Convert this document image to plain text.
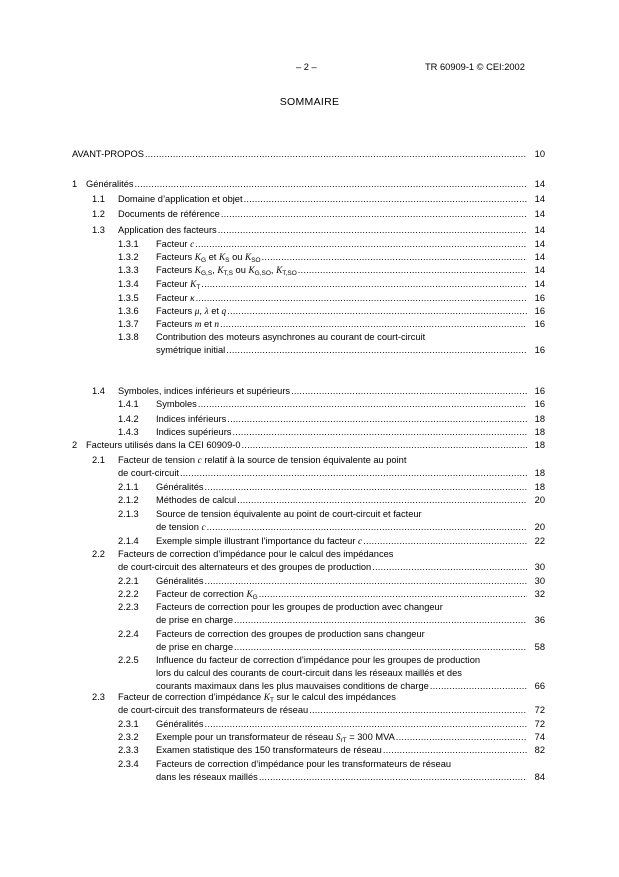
– 2 –	TR 60909-1 © CEI:2002
SOMMAIRE
AVANT-PROPOS .....	10
1 Généralités .....	14
1.1 Domaine d’application et objet .....	14
1.2 Documents de référence .....	14
1.3 Application des facteurs .....	14
1.3.1 Facteur c .....	14
1.3.2 Facteurs $K_G$ et $K_S$ ou $K_{SO}$ .....	14
1.3.3 Facteurs $K_{G,S}$, $K_{T,S}$ ou $K_{G,SO}$, $K_{T,SO}$ .....	14
1.3.4 Facteur $K_T$ .....	14
1.3.5 Facteur κ .....	16
1.3.6 Facteurs μ, λ et q .....	16
1.3.7 Facteurs m et n .....	16
1.3.8 Contribution des moteurs asynchrones au courant de court-circuit
symétrique initial .....	16
1.4 Symboles, indices inférieurs et supérieurs .....	16
1.4.1 Symboles .....	16
1.4.2 Indices inférieurs .....	18
1.4.3 Indices supérieurs .....	18
2 Facteurs utilisés dans la CEI 60909-0 .....	18
2.1 Facteur de tension c relatif à la source de tension équivalente au point
de court-circuit .....	18
2.1.1 Généralités .....	18
2.1.2 Méthodes de calcul .....	20
2.1.3 Source de tension équivalente au point de court-circuit et facteur
de tension c .....	20
2.1.4 Exemple simple illustrant l’importance du facteur c .....	22
2.2 Facteurs de correction d’impédance pour le calcul des impédances
de court-circuit des alternateurs et des groupes de production .....	30
2.2.1 Généralités .....	30
2.2.2 Facteur de correction $K_G$ .....	32
2.2.3 Facteurs de correction pour les groupes de production avec changeur
de prise en charge .....	36
2.2.4 Facteurs de correction des groupes de production sans changeur
de prise en charge .....	58
2.2.5 Influence du facteur de correction d’impédance pour les groupes de production
lors du calcul des courants de court-circuit dans les réseaux maillés et des
courants maximaux dans les plus mauvaises conditions de charge .....	66
2.3 Facteur de correction d’impédance $K_T$ sur le calcul des impédances
de court-circuit des transformateurs de réseau .....	72
2.3.1 Généralités .....	72
2.3.2 Exemple pour un transformateur de réseau $S_{rT} = 300$ MVA .....	74
2.3.3 Examen statistique des 150 transformateurs de réseau .....	82
2.3.4 Facteurs de correction d’impédance pour les transformateurs de réseau
dans les réseaux maillés .....	84
